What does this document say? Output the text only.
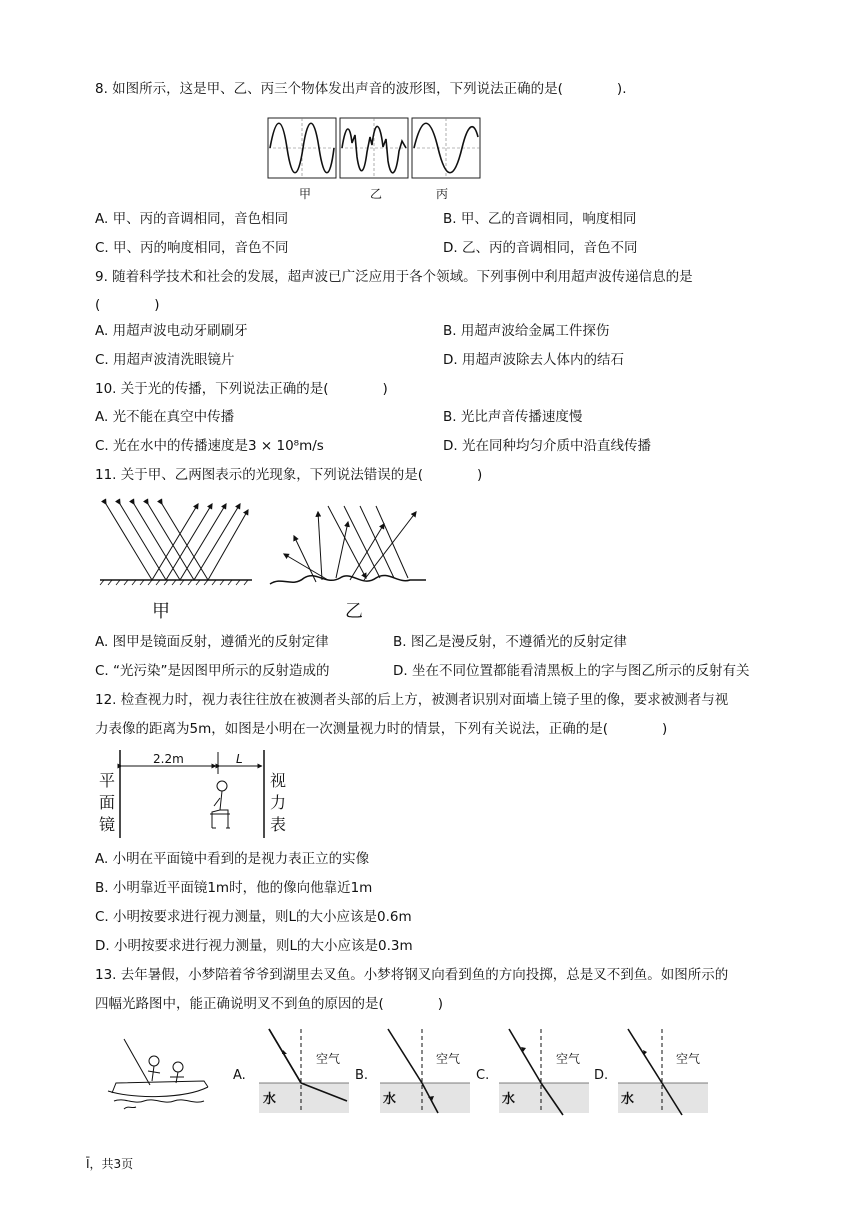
8. 如图所示，这是甲、乙、丙三个物体发出声音的波形图，下列说法正确的是(　　　　).
甲	乙	丙
A. 甲、丙的音调相同，音色相同	B. 甲、乙的音调相同，响度相同
C. 甲、丙的响度相同，音色不同	D. 乙、丙的音调相同，音色不同
9. 随着科学技术和社会的发展，超声波已广泛应用于各个领域。下列事例中利用超声波传递信息的是
(　　　　)
A. 用超声波电动牙刷刷牙	B. 用超声波给金属工件探伤
C. 用超声波清洗眼镜片	D. 用超声波除去人体内的结石
10. 关于光的传播，下列说法正确的是(　　　　)
A. 光不能在真空中传播	B. 光比声音传播速度慢
C. 光在水中的传播速度是3 × 10⁸m/s	D. 光在同种均匀介质中沿直线传播
11. 关于甲、乙两图表示的光现象，下列说法错误的是(　　　　)
甲	乙
A. 图甲是镜面反射，遵循光的反射定律	B. 图乙是漫反射，不遵循光的反射定律
C. “光污染”是因图甲所示的反射造成的	D. 坐在不同位置都能看清黑板上的字与图乙所示的反射有关
12. 检查视力时，视力表往往放在被测者头部的后上方，被测者识别对面墙上镜子里的像，要求被测者与视
力表像的距离为5m，如图是小明在一次测量视力时的情景，下列有关说法，正确的是(　　　　)
2.2m	L
平
面
镜
视
力
表
A. 小明在平面镜中看到的是视力表正立的实像
B. 小明靠近平面镜1m时，他的像向他靠近1m
C. 小明按要求进行视力测量，则L的大小应该是0.6m
D. 小明按要求进行视力测量，则L的大小应该是0.3m
13. 去年暑假，小梦陪着爷爷到湖里去叉鱼。小梦将钢叉向看到鱼的方向投掷，总是叉不到鱼。如图所示的
四幅光路图中，能正确说明叉不到鱼的原因的是(　　　　)
A.	B.	C.	D.
空气	空气	空气	空气
水	水	水	水
Ī，共3页
